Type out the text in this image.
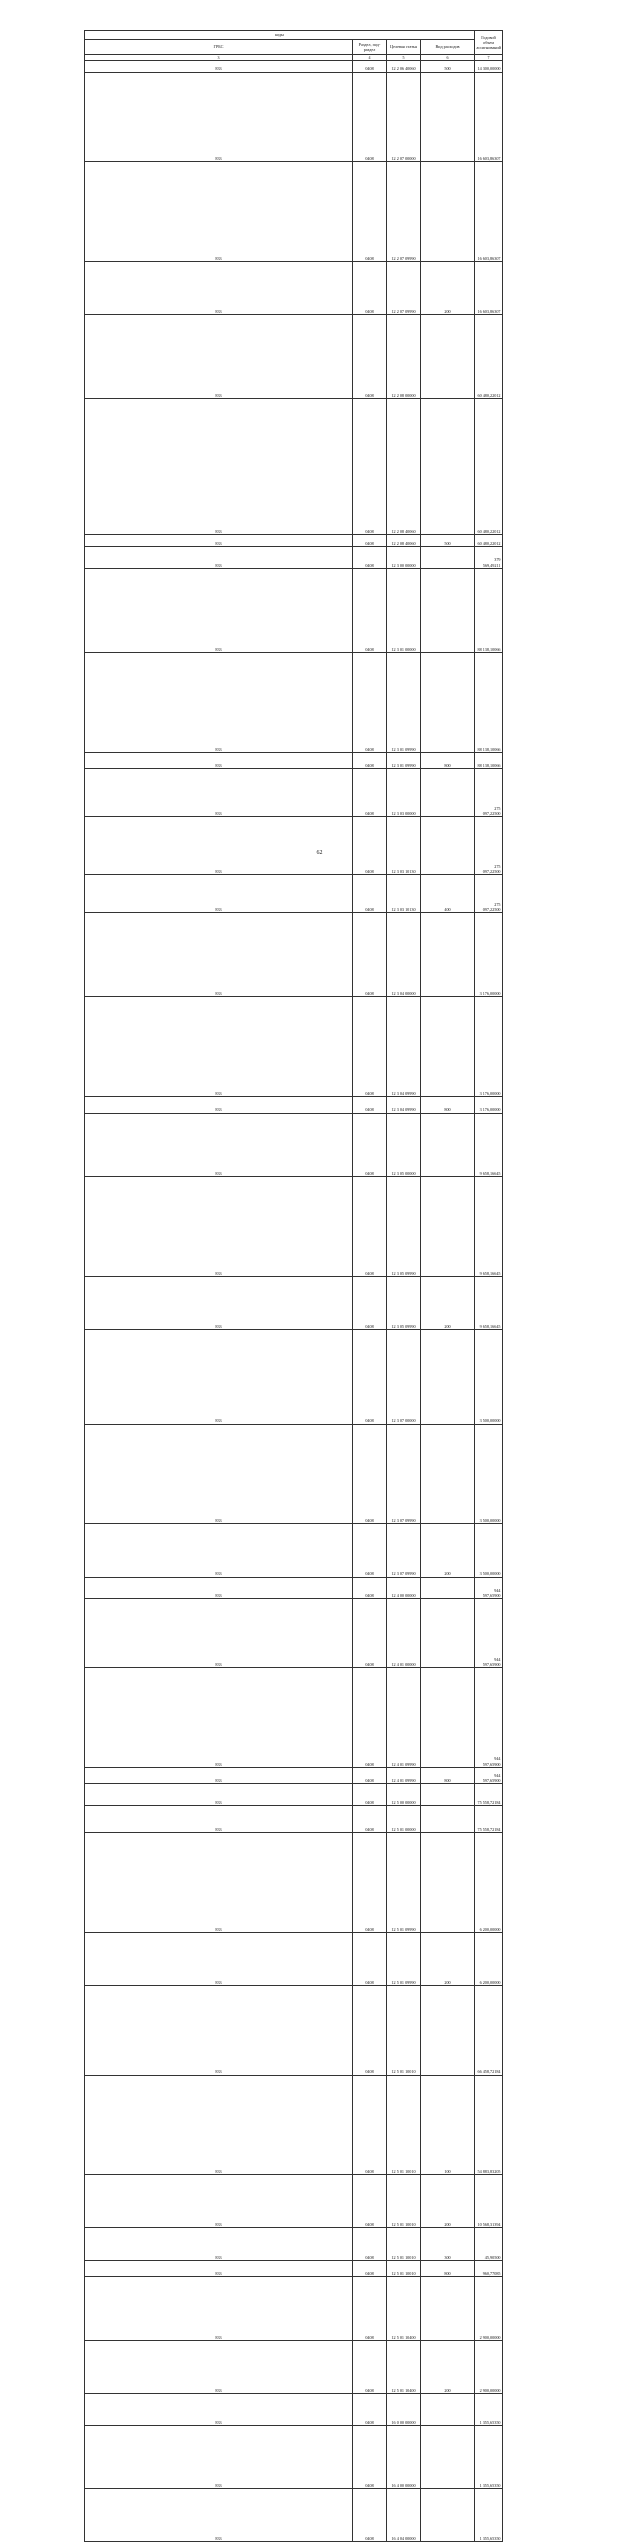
	коды				Годовой объем ассигнований
ГРБС	Раздел, под-раздел	Целевая статья	Вид расходов	

	3	4	5	6	7
	833	0408	12 2 06 40060	500	14 300,00000
	833	0408	12 2 07 00000		16 603,86307
	833	0408	12 2 07 09990		16 603,86307
	833	0408	12 2 07 09990	200	16 603,86307
	833	0408	12 2 08 00000		60 480,22012
	833	0408	12 2 08 40060		60 480,22012
	833	0408	12 2 08 40060	500	60 480,22012
	833	0408	12 3 00 00000		379 569,49211
	833	0408	12 3 01 00000		88 138,10066
	833	0408	12 3 01 09990		88 138,10066
	833	0408	12 3 01 09990	800	88 138,10066
	833	0408	12 3 03 00000		275 097,22500
	833	0408	12 3 03 10130		275 097,22500
	833	0408	12 3 03 10130	400	275 097,22500
	833	0408	12 3 04 00000		3 176,00000
	833	0408	12 3 04 09990		3 176,00000
	833	0408	12 3 04 09990	800	3 176,00000
	833	0408	12 3 05 00000		9 658,16645
	833	0408	12 3 05 09990		9 658,16645
	833	0408	12 3 05 09990	200	9 658,16645
	833	0408	12 3 07 00000		3 500,00000
	833	0408	12 3 07 09990		3 500,00000
	833	0408	12 3 07 09990	200	3 500,00000
	833	0408	12 4 00 00000		944 597,65900
	833	0408	12 4 01 00000		944 597,65900
	833	0408	12 4 01 09990		944 597,65900
	833	0408	12 4 01 09990	800	944 597,65900
	833	0408	12 5 00 00000		75 558,72184
	833	0408	12 5 01 00000		75 558,72184
	833	0408	12 5 01 09990		6 200,00000
	833	0408	12 5 01 09990	200	6 200,00000
	833	0408	12 5 01 10010		66 458,72184
	833	0408	12 5 01 10010	100	54 883,83205
	833	0408	12 5 01 10010	200	10 568,31394
	833	0408	12 5 01 10010	300	45,90500
	833	0408	12 5 01 10010	800	960,77085
	833	0408	12 5 01 10400		2 900,00000
	833	0408	12 5 01 10400	200	2 900,00000
	833	0408	16 0 00 00000		1 355,65350
	833	0408	16 4 00 00000		1 355,65350
	833	0408	16 4 04 00000		1 355,65350
62
